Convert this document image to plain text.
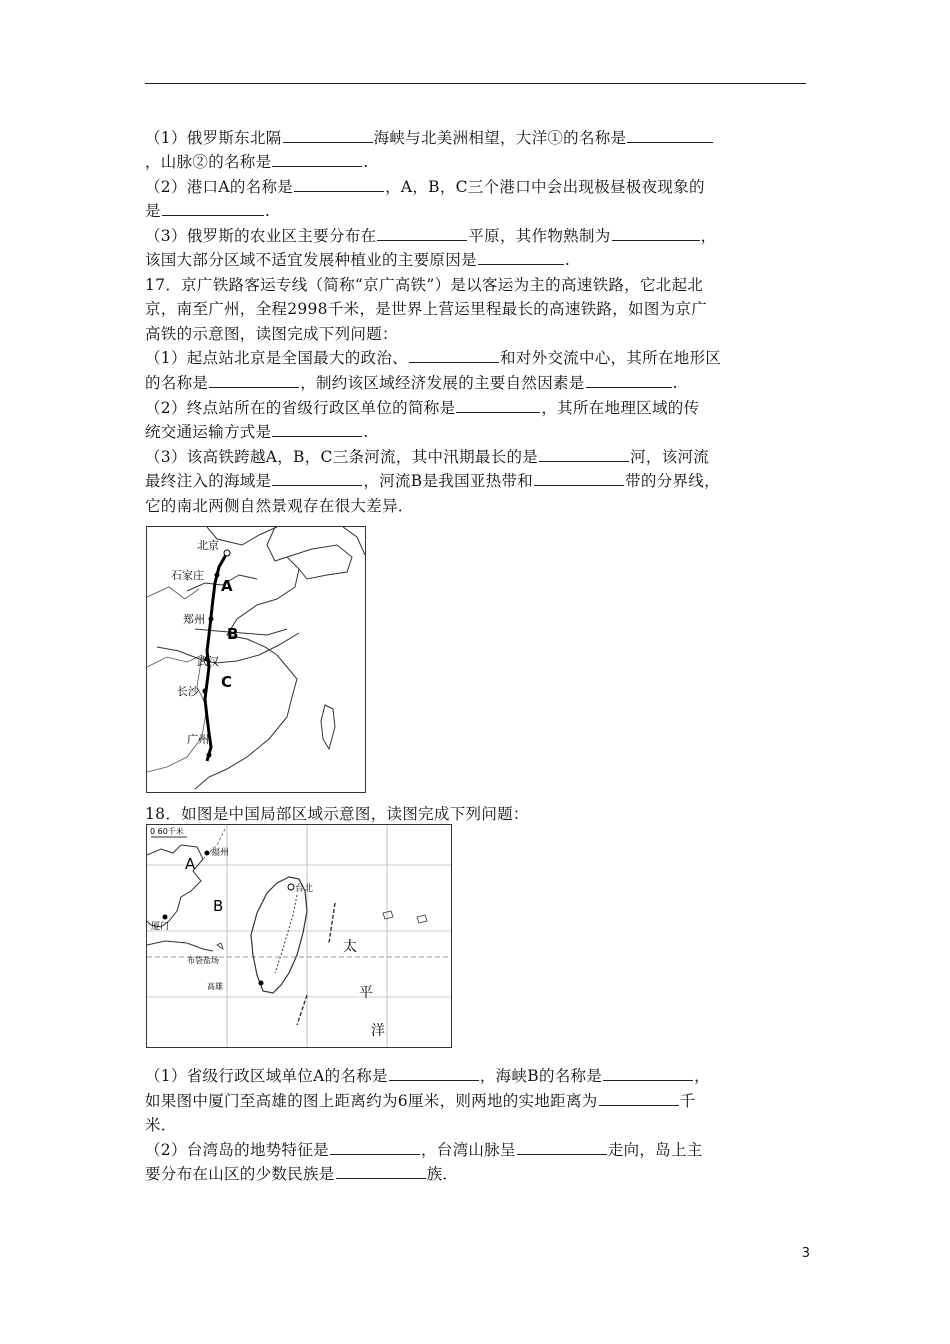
（1）俄罗斯东北隔	海峡与北美洲相望，大洋①的名称是
，山脉②的名称是	.
（2）港口A的名称是	，A，B，C三个港口中会出现极昼极夜现象的
是	.
（3）俄罗斯的农业区主要分布在	平原，其作物熟制为	，
该国大部分区域不适宜发展种植业的主要原因是	.
17．京广铁路客运专线（简称“京广高铁”）是以客运为主的高速铁路，它北起北
京，南至广州，全程2998千米，是世界上营运里程最长的高速铁路，如图为京广
高铁的示意图，读图完成下列问题：
（1）起点站北京是全国最大的政治、	和对外交流中心，其所在地形区
的名称是	，制约该区域经济发展的主要自然因素是	.
（2）终点站所在的省级行政区单位的简称是	，其所在地理区域的传
统交通运输方式是	.
（3）该高铁跨越A，B，C三条河流，其中汛期最长的是	河，该河流
最终注入的海域是	，河流B是我国亚热带和	带的分界线，
它的南北两侧自然景观存在很大差异．
北京
石家庄
郑州
武汉
长沙
广州
A
B
C
18．如图是中国局部区域示意图，读图完成下列问题：
0 60千米
福州
厦门
台北
布袋盐场
高雄
A
B
太
平
洋
（1）省级行政区域单位A的名称是	，海峡B的名称是	，
如果图中厦门至高雄的图上距离约为6厘米，则两地的实地距离为	千
米．
（2）台湾岛的地势特征是	，台湾山脉呈	走向，岛上主
要分布在山区的少数民族是	族．
3
